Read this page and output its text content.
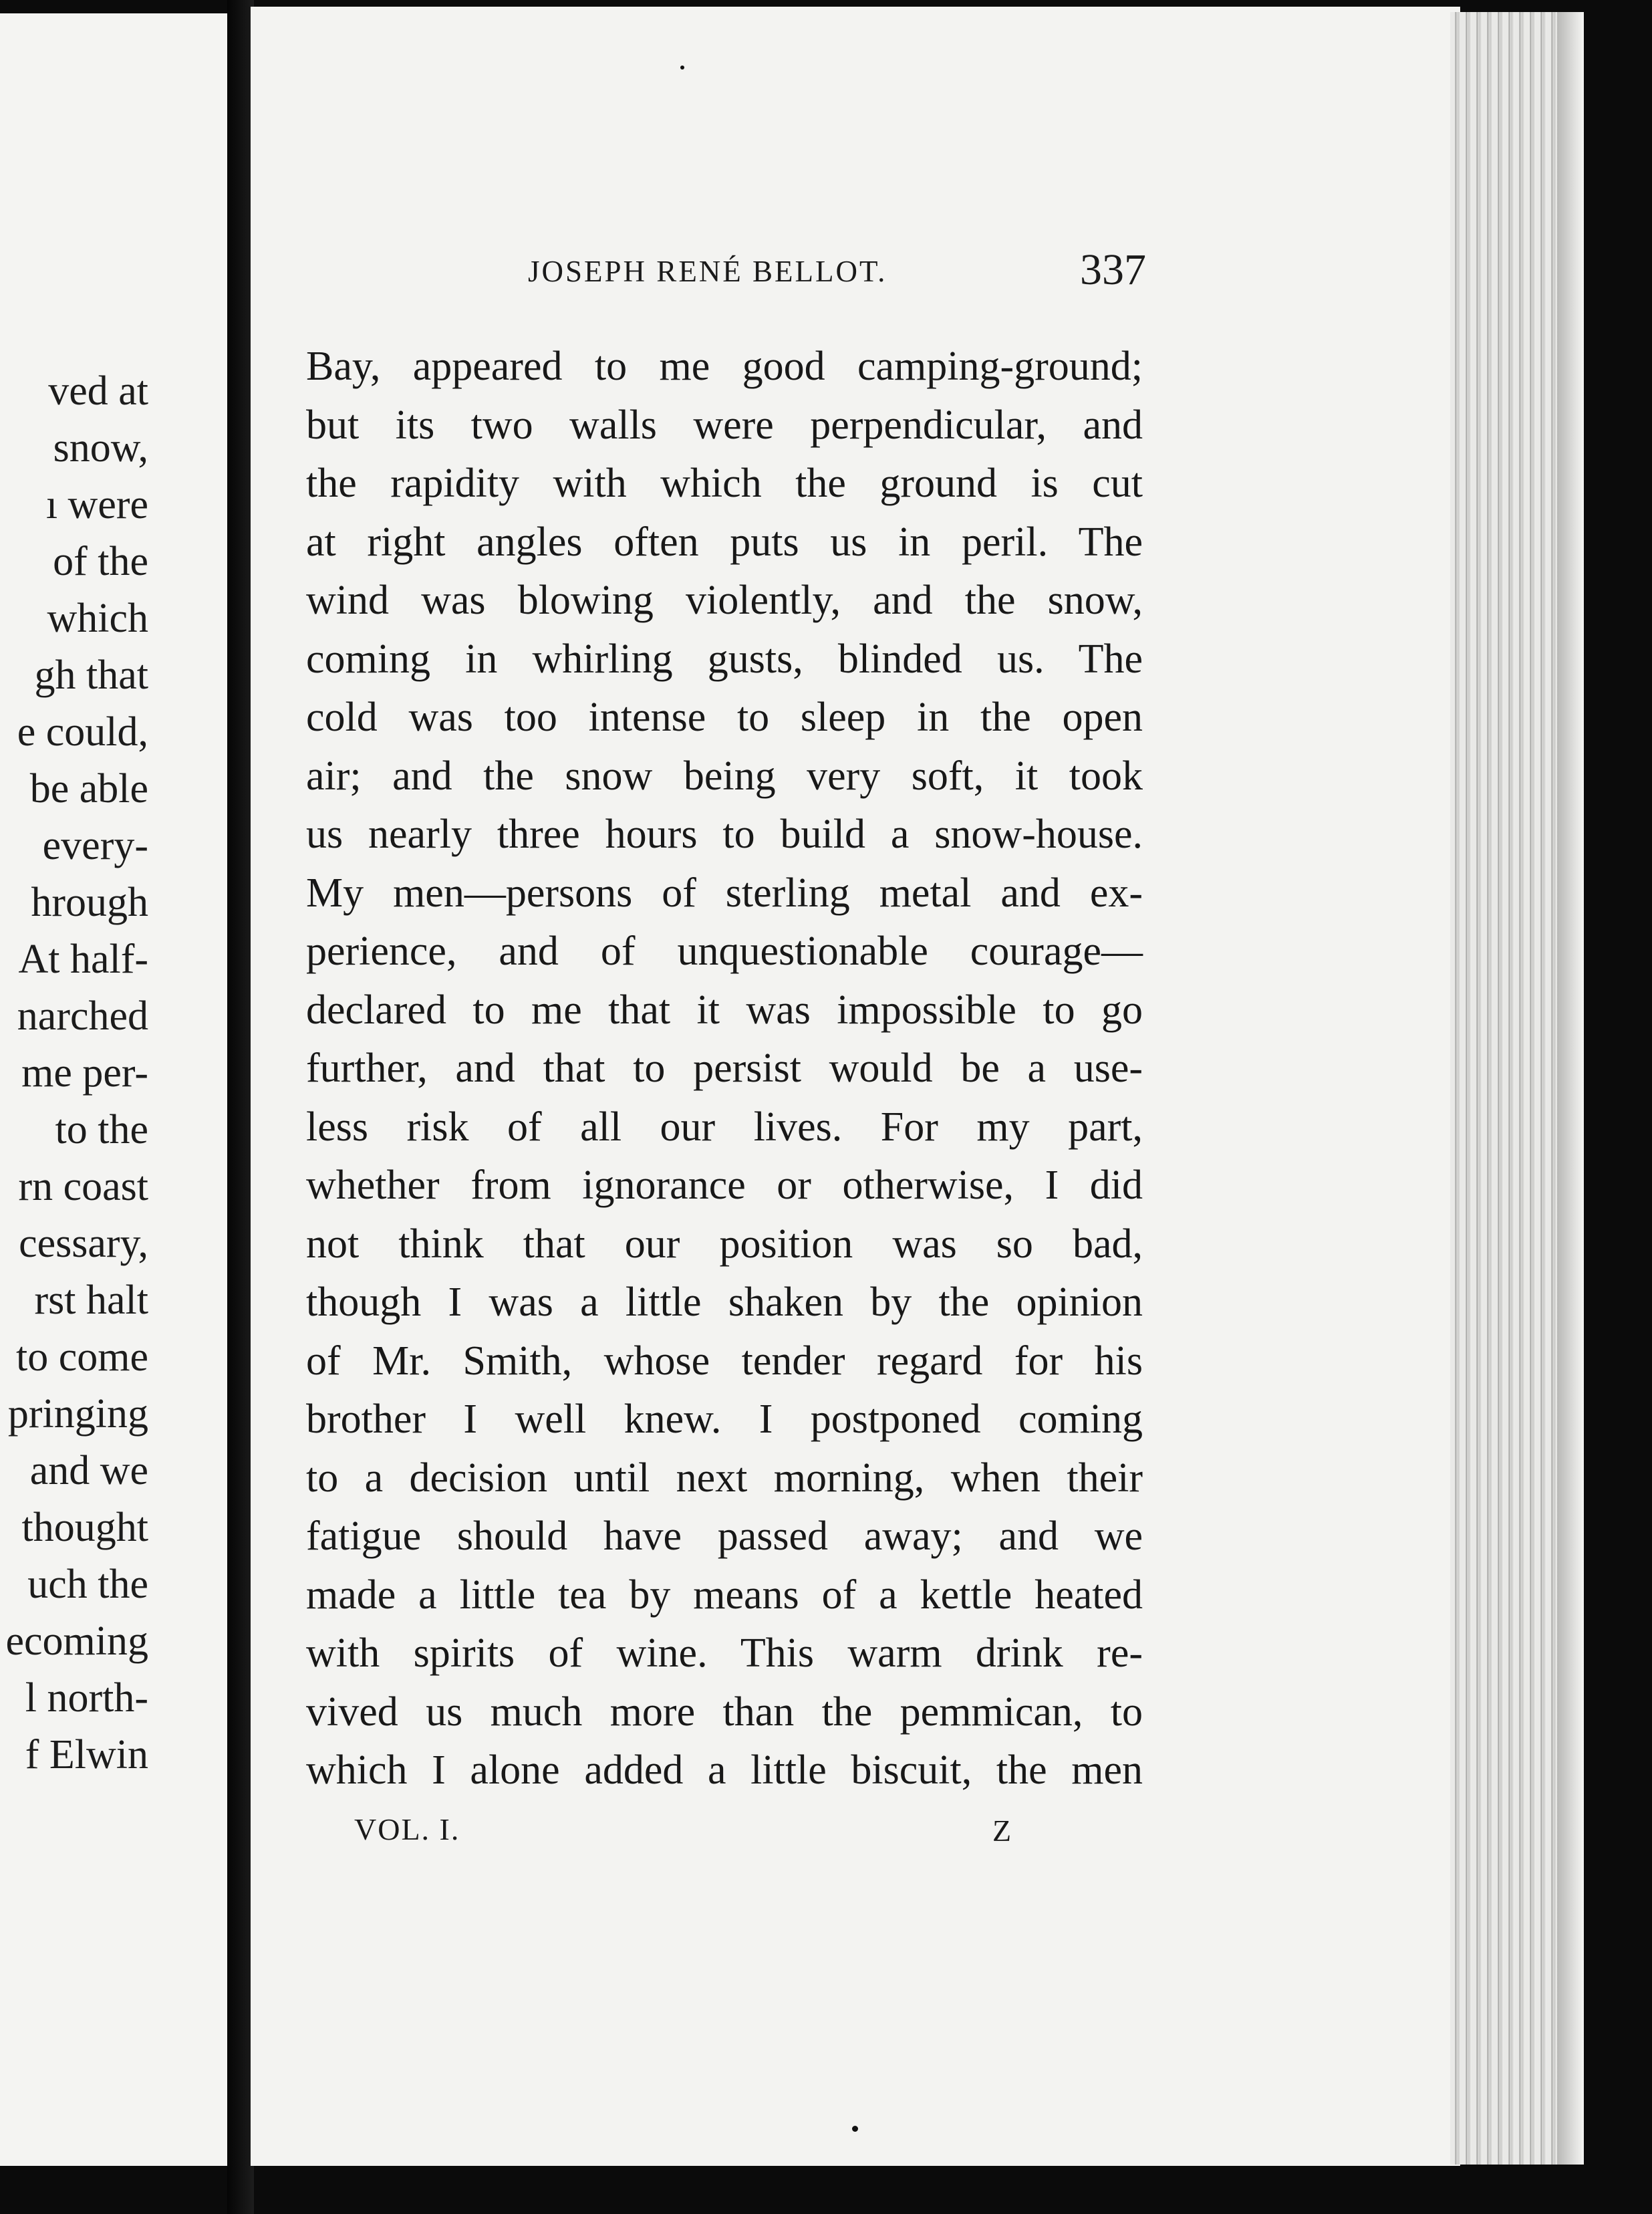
ved at
snow,
ı were
of the
which
gh that
e could,
be able
every-
hrough
At half-
narched
me per-
to the
rn coast
cessary,
rst halt
to come
pringing
and we
thought
uch the
ecoming
l north-
f Elwin
JOSEPH RENÉ BELLOT.	337
Bay, appeared to me good camping-ground;
but its two walls were perpendicular, and
the rapidity with which the ground is cut
at right angles often puts us in peril. The
wind was blowing violently, and the snow,
coming in whirling gusts, blinded us. The
cold was too intense to sleep in the open
air; and the snow being very soft, it took
us nearly three hours to build a snow-house.
My men—persons of sterling metal and ex-
perience, and of unquestionable courage—
declared to me that it was impossible to go
further, and that to persist would be a use-
less risk of all our lives. For my part,
whether from ignorance or otherwise, I did
not think that our position was so bad,
though I was a little shaken by the opinion
of Mr. Smith, whose tender regard for his
brother I well knew. I postponed coming
to a decision until next morning, when their
fatigue should have passed away; and we
made a little tea by means of a kettle heated
with spirits of wine. This warm drink re-
vived us much more than the pemmican, to
which I alone added a little biscuit, the men
VOL. I.	Z
